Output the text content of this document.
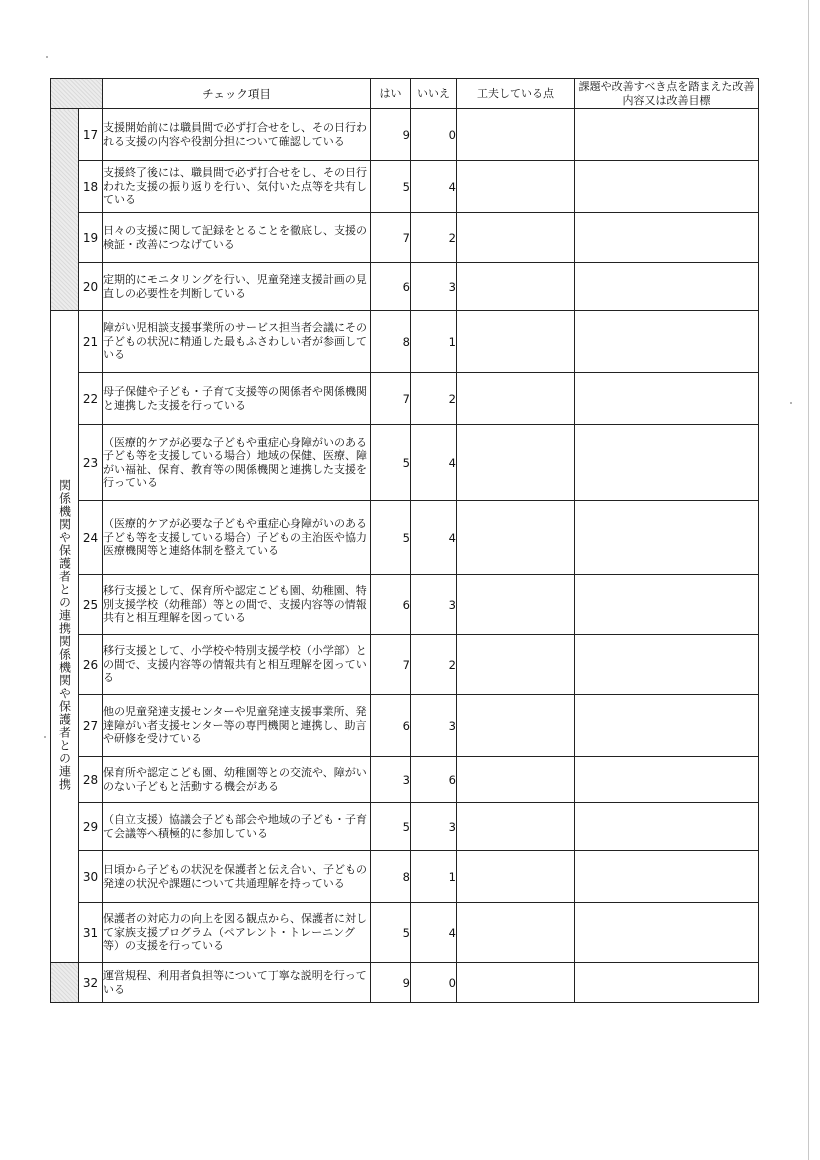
		チェック項目	はい	いいえ	工夫している点	課題や改善すべき点を踏まえた改善内容又は改善目標
	17	支援開始前には職員間で必ず打合せをし、その日行われる支援の内容や役割分担について確認している	9	0		
	18	支援終了後には、職員間で必ず打合せをし、その日行われた支援の振り返りを行い、気付いた点等を共有している	5	4		
	19	日々の支援に関して記録をとることを徹底し、支援の検証・改善につなげている	7	2		
	20	定期的にモニタリングを行い、児童発達支援計画の見直しの必要性を判断している	6	3		
関係機関や保護者との連携関係機関や保護者との連携	21	障がい児相談支援事業所のサービス担当者会議にその子どもの状況に精通した最もふさわしい者が参画している	8	1		
	22	母子保健や子ども・子育て支援等の関係者や関係機関と連携した支援を行っている	7	2		
	23	（医療的ケアが必要な子どもや重症心身障がいのある子ども等を支援している場合）地域の保健、医療、障がい福祉、保育、教育等の関係機関と連携した支援を行っている	5	4		
	24	（医療的ケアが必要な子どもや重症心身障がいのある子ども等を支援している場合）子どもの主治医や協力医療機関等と連絡体制を整えている	5	4		
	25	移行支援として、保育所や認定こども園、幼稚園、特別支援学校（幼稚部）等との間で、支援内容等の情報共有と相互理解を図っている	6	3		
	26	移行支援として、小学校や特別支援学校（小学部）との間で、支援内容等の情報共有と相互理解を図っている	7	2		
	27	他の児童発達支援センターや児童発達支援事業所、発達障がい者支援センター等の専門機関と連携し、助言や研修を受けている	6	3		
	28	保育所や認定こども園、幼稚園等との交流や、障がいのない子どもと活動する機会がある	3	6		
	29	（自立支援）協議会子ども部会や地域の子ども・子育て会議等へ積極的に参加している	5	3		
	30	日頃から子どもの状況を保護者と伝え合い、子どもの発達の状況や課題について共通理解を持っている	8	1		
	31	保護者の対応力の向上を図る観点から、保護者に対して家族支援プログラム（ペアレント・トレーニング等）の支援を行っている	5	4		
	32	運営規程、利用者負担等について丁寧な説明を行っている	9	0		
